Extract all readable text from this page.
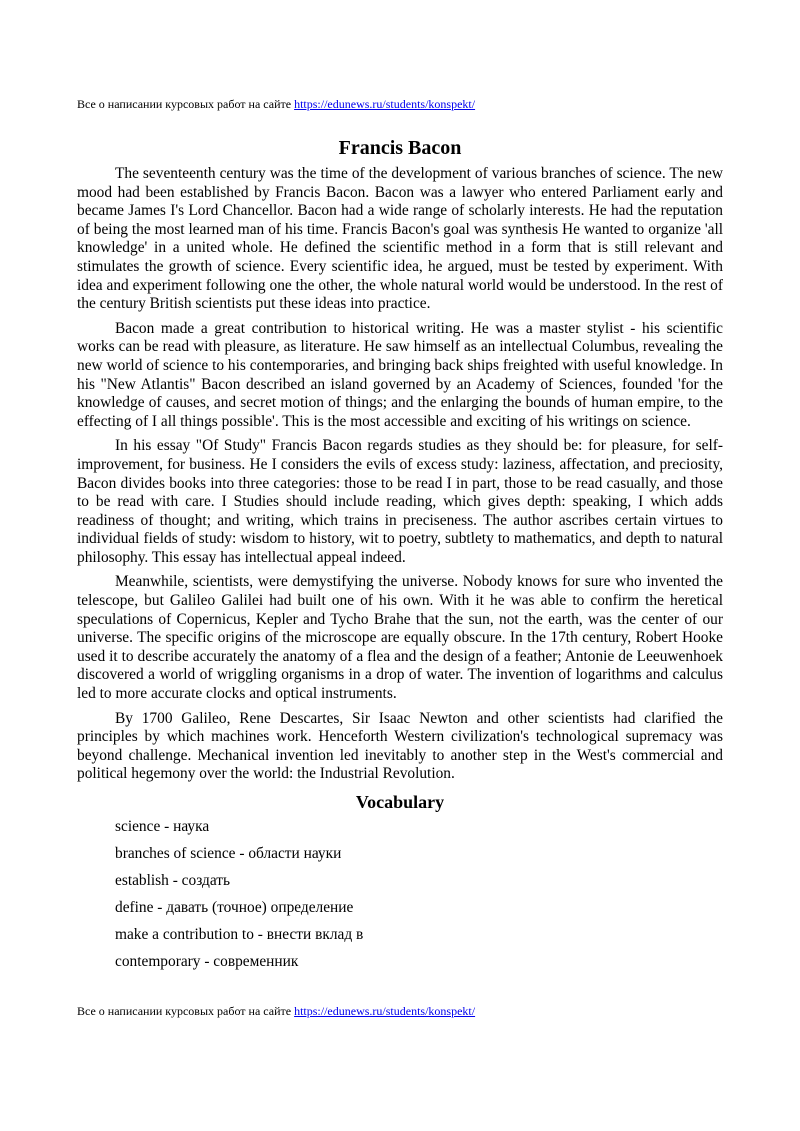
Все о написании курсовых работ на сайте https://edunews.ru/students/konspekt/
Francis Bacon

The seventeenth century was the time of the development of various branches of science. The new mood had been established by Francis Bacon. Bacon was a lawyer who entered Parliament early and became James I's Lord Chancellor. Bacon had a wide range of scholarly interests. He had the reputation of being the most learned man of his time. Francis Bacon's goal was synthesis He wanted to organize 'all knowledge' in a united whole. He defined the scientific method in a form that is still relevant and stimulates the growth of science. Every scientific idea, he argued, must be tested by experiment. With idea and experiment following one the other, the whole natural world would be understood. In the rest of the century British scientists put these ideas into practice.

Bacon made a great contribution to historical writing. He was a master stylist - his scientific works can be read with pleasure, as literature. He saw himself as an intellectual Columbus, revealing the new world of science to his contemporaries, and bringing back ships freighted with useful knowledge. In his "New Atlantis" Bacon described an island governed by an Academy of Sciences, founded 'for the knowledge of causes, and secret motion of things; and the enlarging the bounds of human empire, to the effecting of I all things possible'. This is the most accessible and exciting of his writings on science.

In his essay "Of Study" Francis Bacon regards studies as they should be: for pleasure, for self-improvement, for business. He I considers the evils of excess study: laziness, affectation, and preciosity, Bacon divides books into three categories: those to be read I in part, those to be read casually, and those to be read with care. I Studies should include reading, which gives depth: speaking, I which adds readiness of thought; and writing, which trains in preciseness. The author ascribes certain virtues to individual fields of study: wisdom to history, wit to poetry, subtlety to mathematics, and depth to natural philosophy. This essay has intellectual appeal indeed.

Meanwhile, scientists, were demystifying the universe. Nobody knows for sure who invented the telescope, but Galileo Galilei had built one of his own. With it he was able to confirm the heretical speculations of Copernicus, Kepler and Tycho Brahe that the sun, not the earth, was the center of our universe. The specific origins of the microscope are equally obscure. In the 17th century, Robert Hooke used it to describe accurately the anatomy of a flea and the design of a feather; Antonie de Leeuwenhoek discovered a world of wriggling organisms in a drop of water. The invention of logarithms and calculus led to more accurate clocks and optical instruments.

By 1700 Galileo, Rene Descartes, Sir Isaac Newton and other scientists had clarified the principles by which machines work. Henceforth Western civilization's technological supremacy was beyond challenge. Mechanical invention led inevitably to another step in the West's commercial and political hegemony over the world: the Industrial Revolution.

Vocabulary
science - наука
branches of science - области науки
establish - создать
define - давать (точное) определение
make a contribution to - внести вклад в
contemporary - современник
Все о написании курсовых работ на сайте https://edunews.ru/students/konspekt/
